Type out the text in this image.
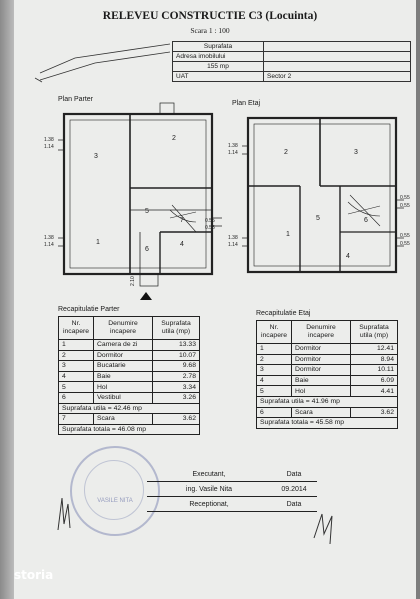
RELEVEU CONSTRUCTIE C3 (Locuinta)
Scara 1 : 100
Suprafata	
Adresa imobilului	
155 mp	
UAT	Sector 2
Plan Parter
Plan Etaj
1
2
3
4
5
6
7
1.38
1.14
1.38
1.14
0.55
0.55
2.10
1
2	3
4
5	6
1.38
1.14
1.38
1.14
0.55
0.55
0.55
0.55
Recapitulatie Parter
Nr. incapere	Denumire incapere	Suprafata utila (mp)
1	Camera de zi	13.33
2	Dormitor	10.07
3	Bucatarie	9.68
4	Baie	2.78
5	Hol	3.34
6	Vestibul	3.26
Suprafata utila = 42.46 mp		
7	Scara	3.62
Suprafata totala = 46.08 mp		
Recapitulatie Etaj
Nr. incapere	Denumire incapere	Suprafata utila (mp)
1	Dormitor	12.41
2	Dormitor	8.94
3	Dormitor	10.11
4	Baie	6.09
5	Hol	4.41
Suprafata utila = 41.96 mp		
6	Scara	3.62
Suprafata totala = 45.58 mp		
VASILE NITA
Executant,	Data
ing. Vasile Nita	09.2014
Receptionat,	Data
storia
